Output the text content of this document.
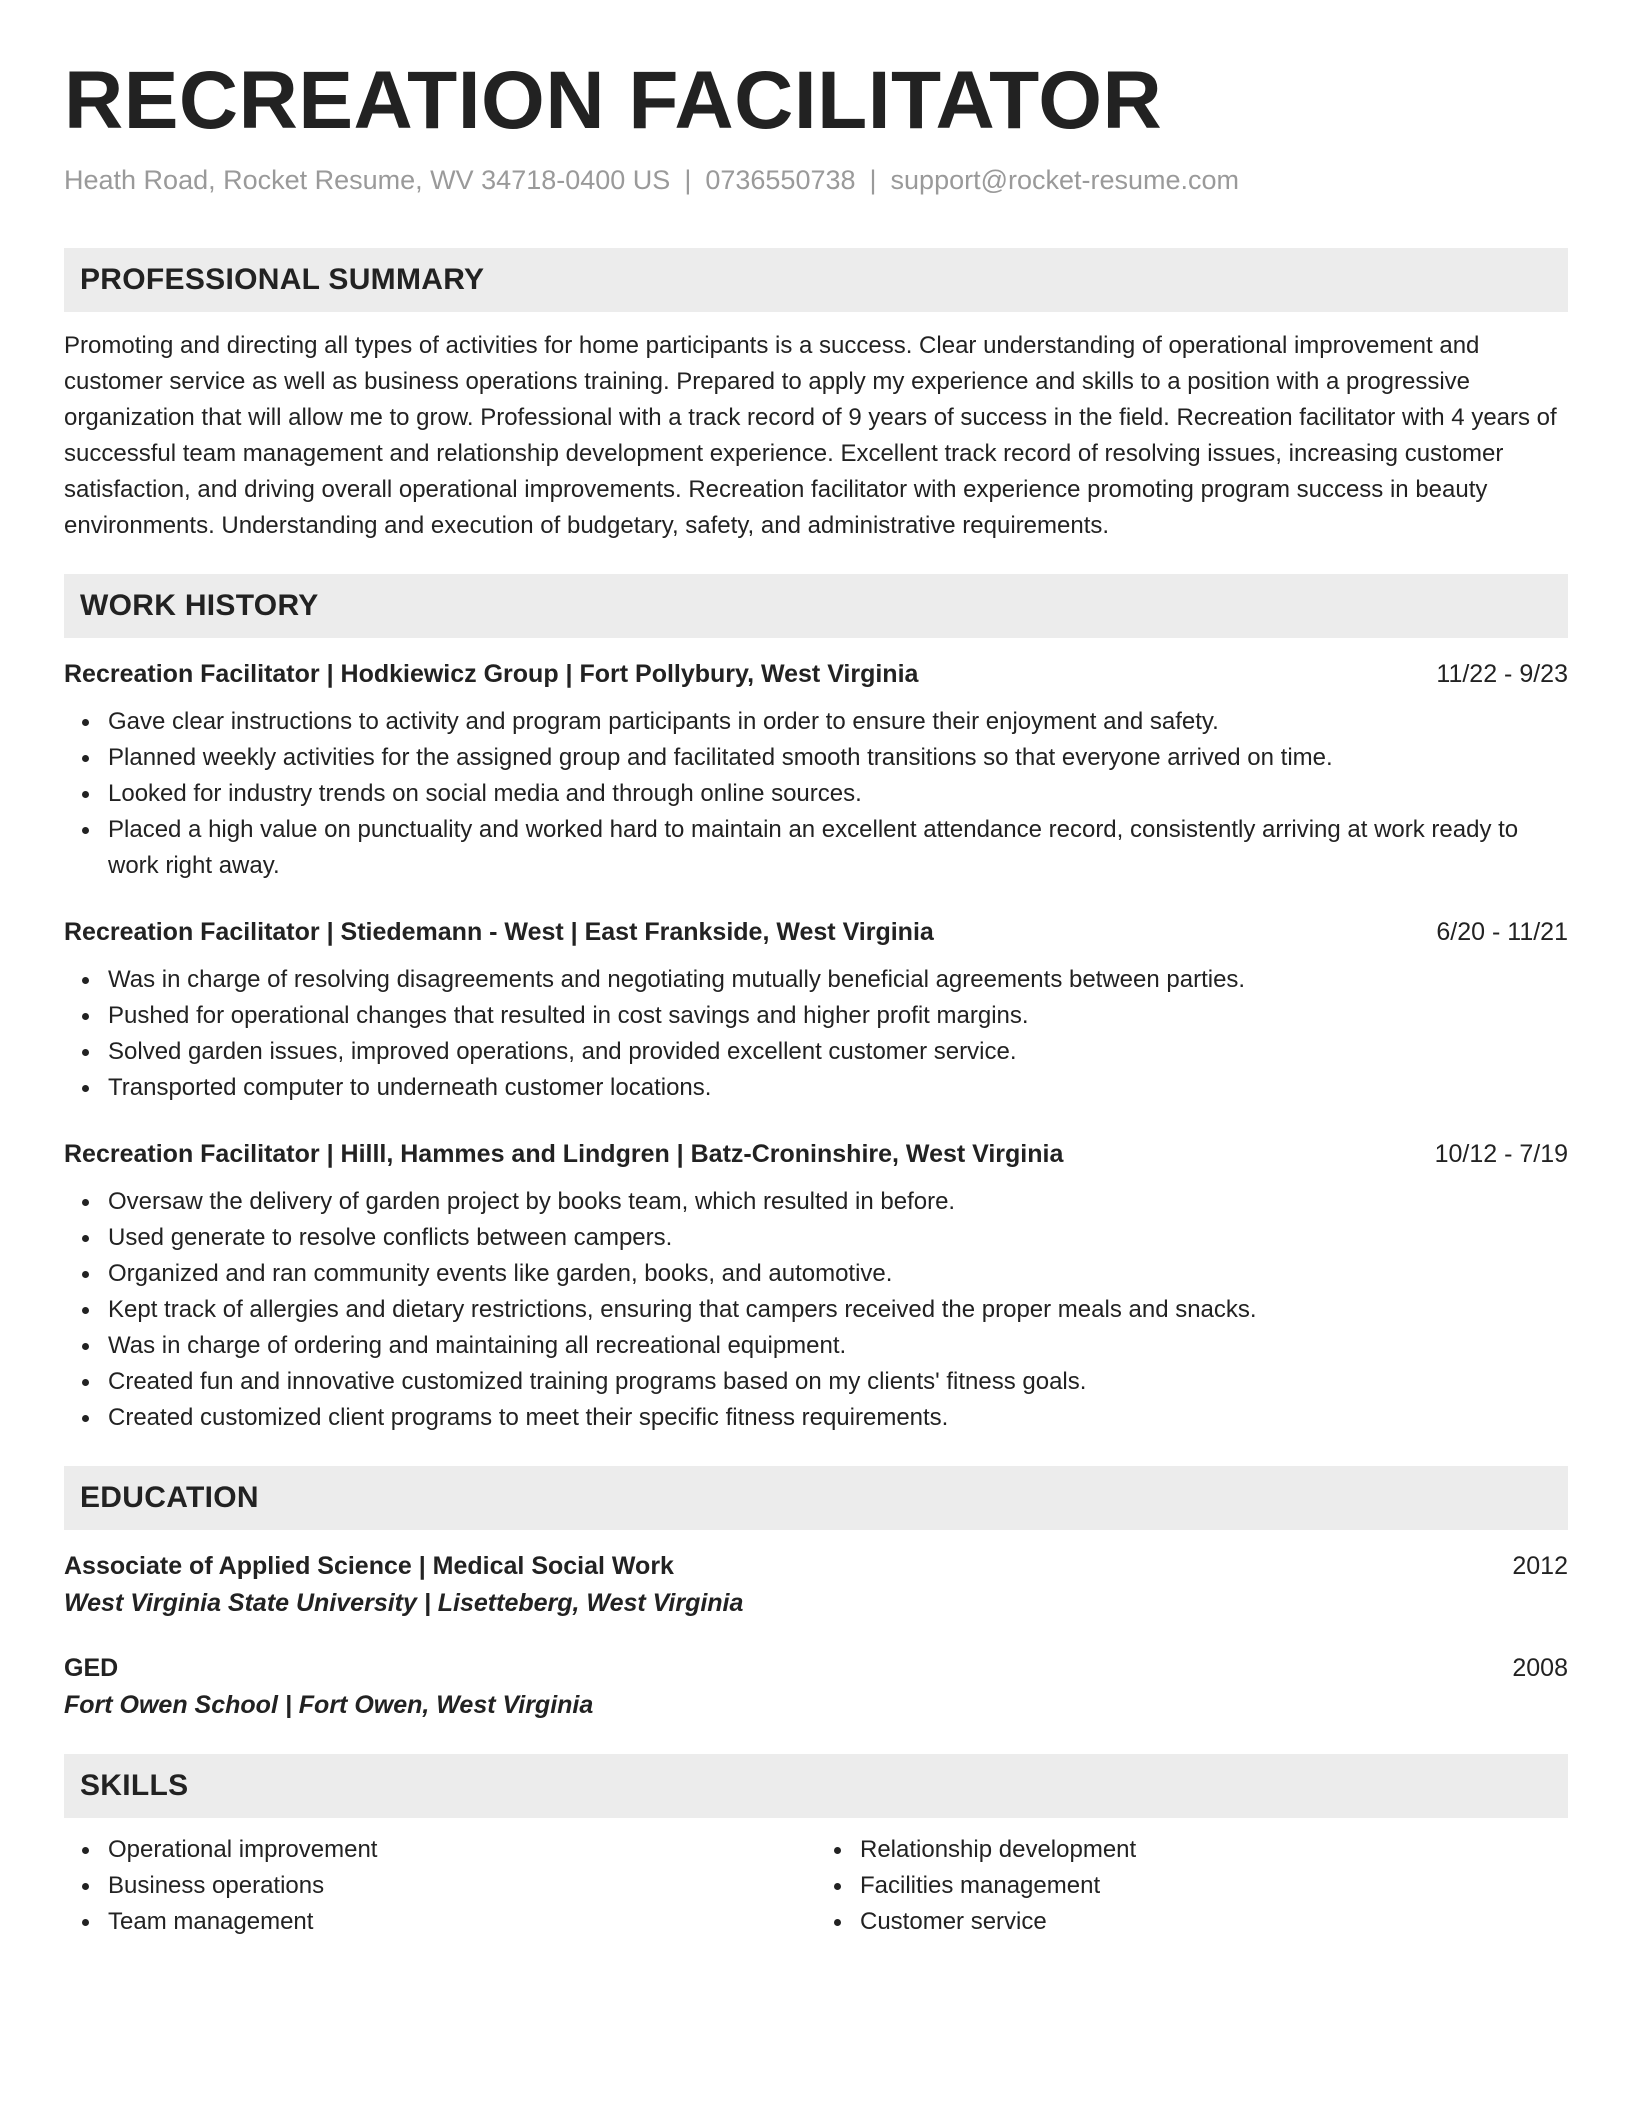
RECREATION FACILITATOR
Heath Road, Rocket Resume, WV 34718-0400 US | 0736550738 | support@rocket-resume.com
PROFESSIONAL SUMMARY

Promoting and directing all types of activities for home participants is a success. Clear understanding of operational improvement and customer service as well as business operations training. Prepared to apply my experience and skills to a position with a progressive organization that will allow me to grow. Professional with a track record of 9 years of success in the field. Recreation facilitator with 4 years of successful team management and relationship development experience. Excellent track record of resolving issues, increasing customer satisfaction, and driving overall operational improvements. Recreation facilitator with experience promoting program success in beauty environments. Understanding and execution of budgetary, safety, and administrative requirements.

WORK HISTORY
Recreation Facilitator | Hodkiewicz Group | Fort Pollybury, West Virginia	11/22 - 9/23
Gave clear instructions to activity and program participants in order to ensure their enjoyment and safety.
Planned weekly activities for the assigned group and facilitated smooth transitions so that everyone arrived on time.
Looked for industry trends on social media and through online sources.
Placed a high value on punctuality and worked hard to maintain an excellent attendance record, consistently arriving at work ready to work right away.
Recreation Facilitator | Stiedemann - West | East Frankside, West Virginia	6/20 - 11/21
Was in charge of resolving disagreements and negotiating mutually beneficial agreements between parties.
Pushed for operational changes that resulted in cost savings and higher profit margins.
Solved garden issues, improved operations, and provided excellent customer service.
Transported computer to underneath customer locations.
Recreation Facilitator | Hilll, Hammes and Lindgren | Batz-Croninshire, West Virginia	10/12 - 7/19
Oversaw the delivery of garden project by books team, which resulted in before.
Used generate to resolve conflicts between campers.
Organized and ran community events like garden, books, and automotive.
Kept track of allergies and dietary restrictions, ensuring that campers received the proper meals and snacks.
Was in charge of ordering and maintaining all recreational equipment.
Created fun and innovative customized training programs based on my clients' fitness goals.
Created customized client programs to meet their specific fitness requirements.
EDUCATION
Associate of Applied Science | Medical Social Work	2012
West Virginia State University | Lisetteberg, West Virginia
GED	2008
Fort Owen School | Fort Owen, West Virginia
SKILLS
Operational improvement
Business operations
Team management
Relationship development
Facilities management
Customer service
